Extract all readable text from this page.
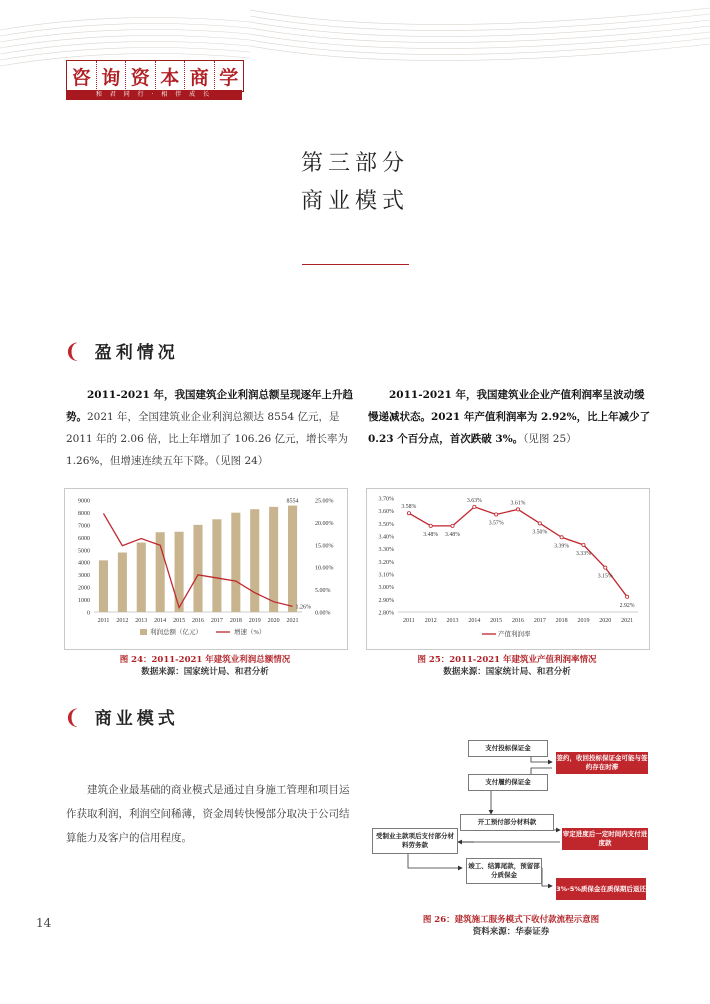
咨 询 资 本 商 学
和 君 同 行 · 相 伴 成 长
第三部分
商业模式
❨ 盈利情况
2011-2021 年，我国建筑企业利润总额呈现逐年上升趋势。2021 年，全国建筑业企业利润总额达 8554 亿元，是 2011 年的 2.06 倍，比上年增加了 106.26 亿元，增长率为 1.26%，但增速连续五年下降。（见图 24）
2011-2021 年，我国建筑业企业产值利润率呈波动缓慢递减状态。2021 年产值利润率为 2.92%，比上年减少了 0.23 个百分点，首次跌破 3%。（见图 25）
0
1000
2000
3000
4000
5000
6000
7000
8000
9000
0.00%
5.00%
10.00%
15.00%
20.00%
25.00%
2011 2012 2013 2014 2015 2016 2017 2018 2019 2020 2021
8554
1.26%
利润总额（亿元）	增速（%）
2.80%
2.90%
3.00%
3.10%
3.20%
3.30%
3.40%
3.50%
3.60%
3.70%
3.58%
2011
3.48%
2012
3.48%
2013
3.63%
2014
3.57%
2015
3.61%
2016
3.50%
2017
3.39%
2018
3.33%
2019
3.15%
2020
2.92%
2021
产值利润率
图 24：2011-2021 年建筑业利润总额情况
数据来源：国家统计局、和君分析
图 25：2011-2021 年建筑业产值利润率情况
数据来源：国家统计局、和君分析
❨ 商业模式
建筑企业最基础的商业模式是通过自身施工管理和项目运作获取利润，利润空间稀薄，资金周转快慢部分取决于公司结算能力及客户的信用程度。
支付投标保证金
签约，收回投标保证金可能与签约存在时滞
支付履约保证金
开工预付部分材料款
审定进度后一定时间内支付进度款
受制业主款项后支付部分材料劳务款
竣工、结算尾款，预留部分质保金
3%-5%质保金在质保期后退还
图 26：建筑施工服务模式下收付款流程示意图
资料来源：华泰证券
14
